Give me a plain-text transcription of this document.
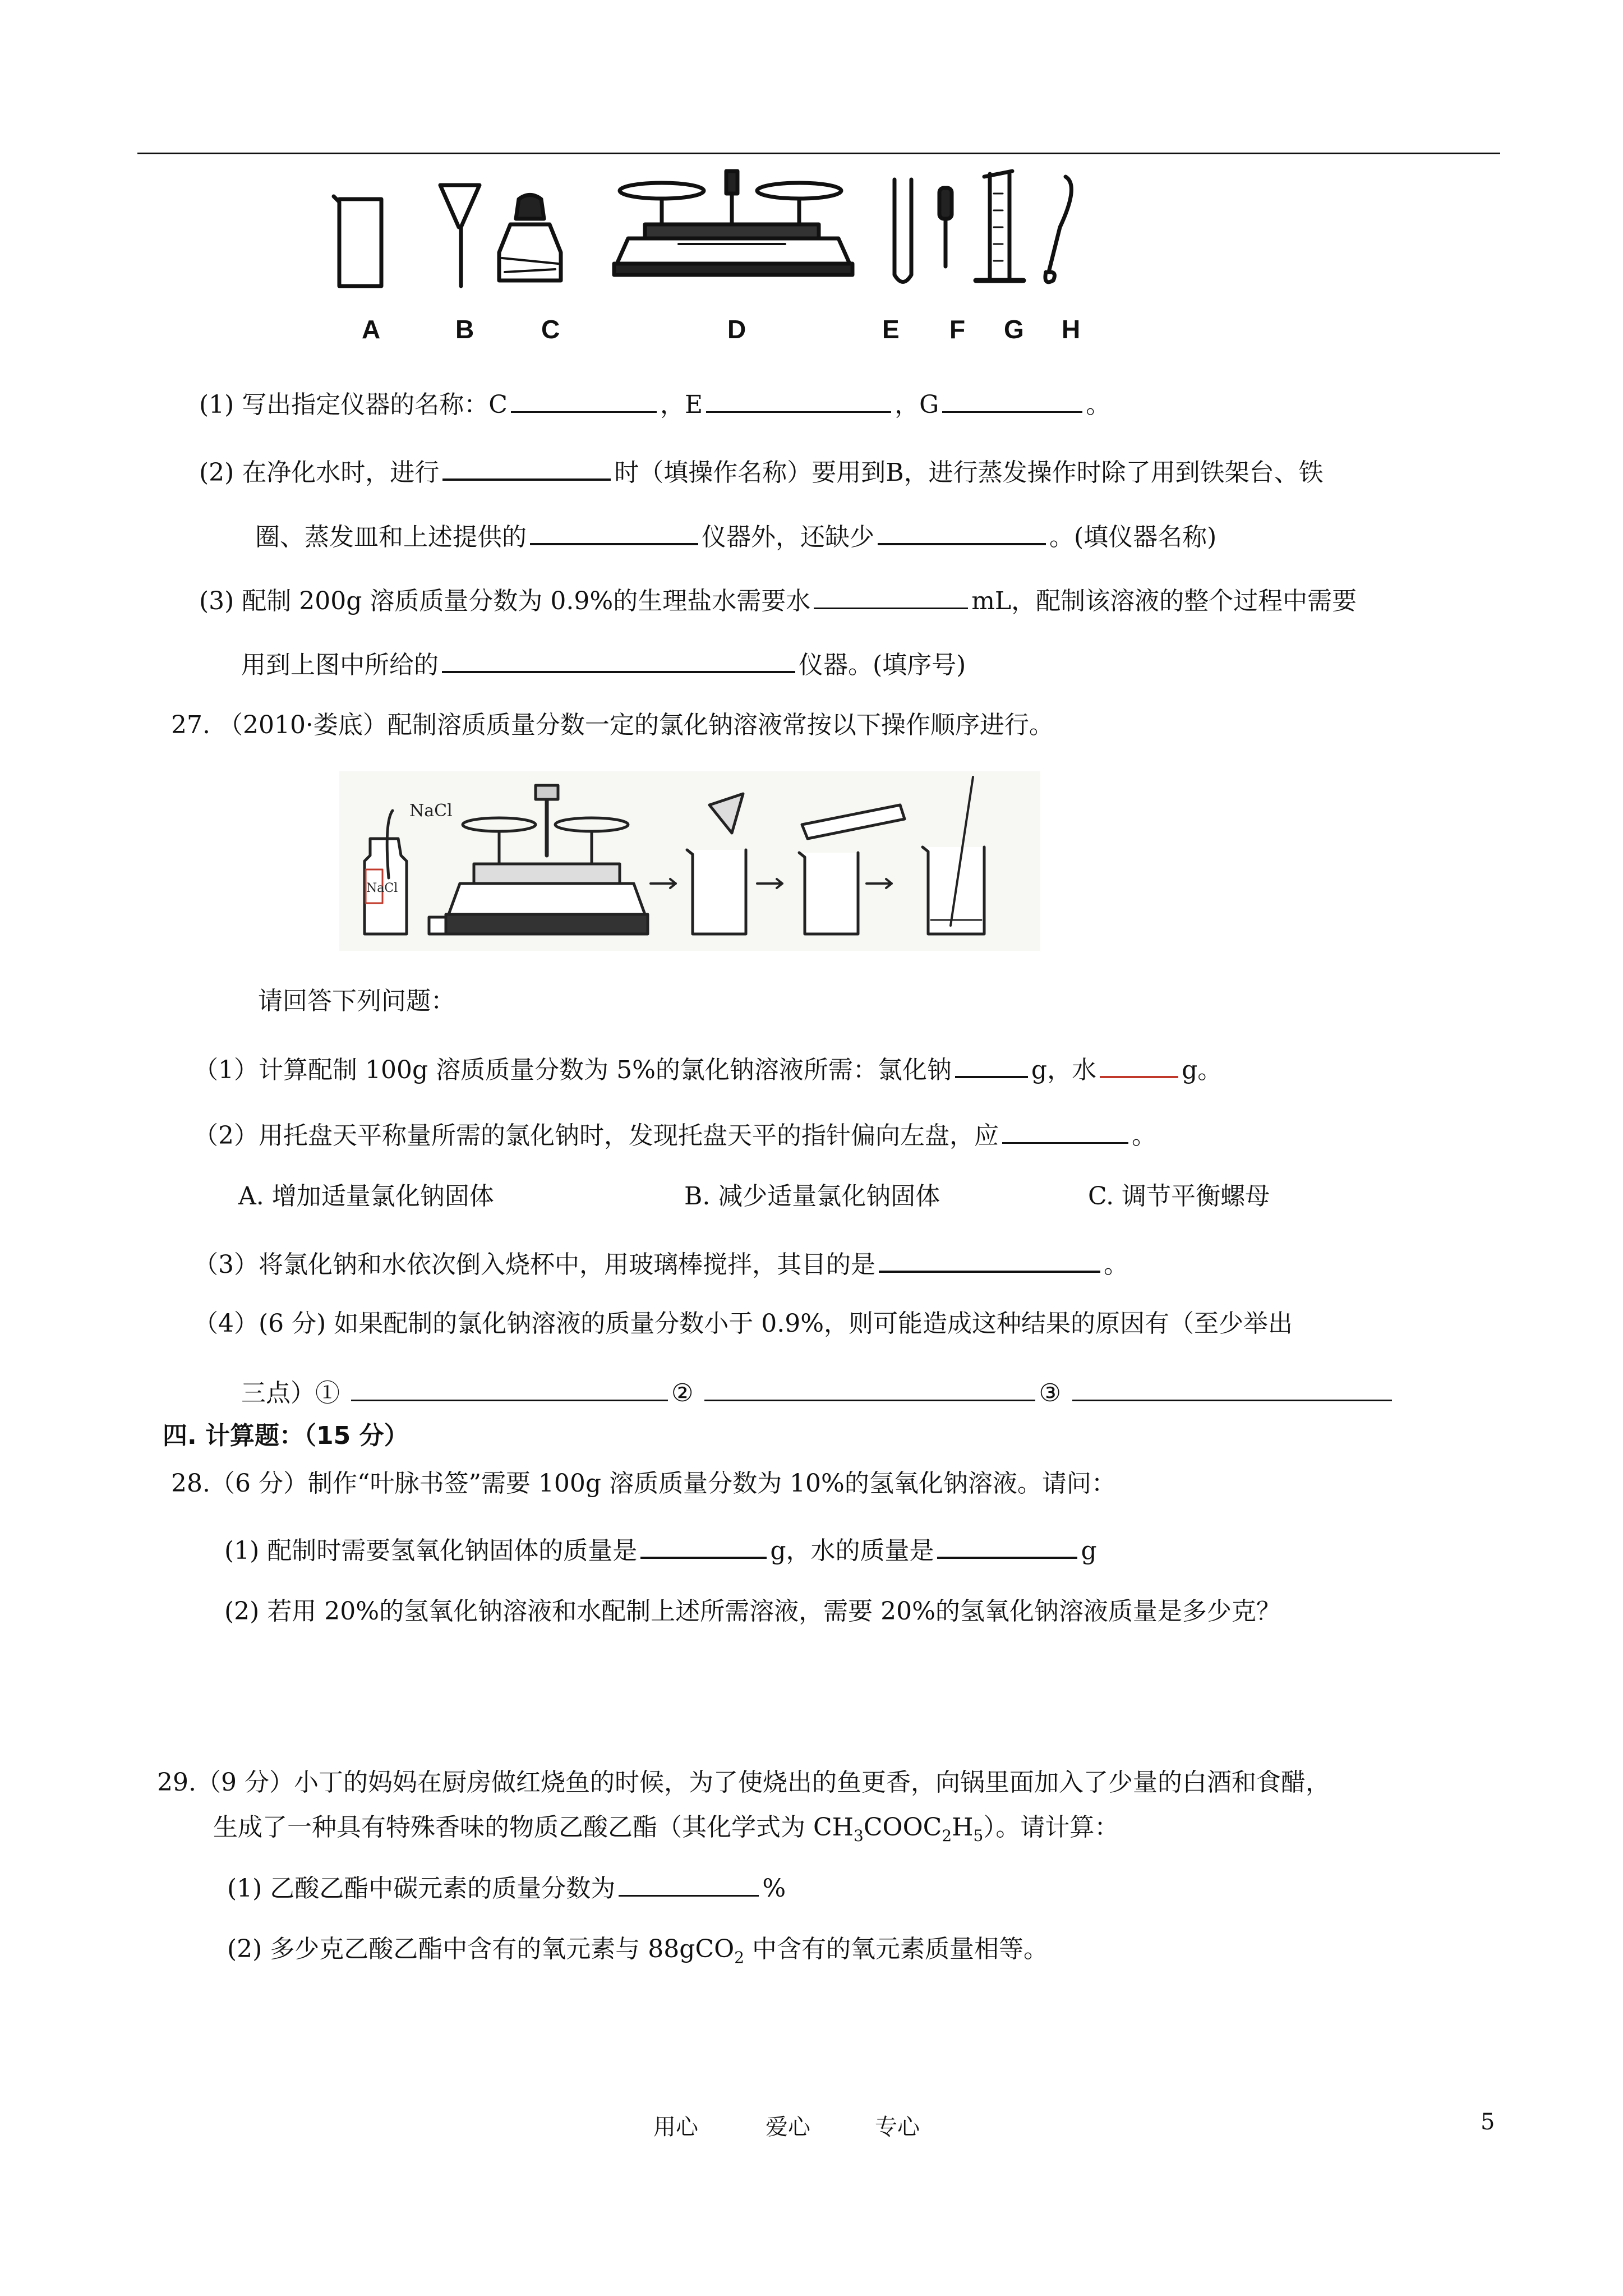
A	B	C	D	E F G H
(1) 写出指定仪器的名称：C	，E	，G	。
(2) 在净化水时，进行	时（填操作名称）要用到B，进行蒸发操作时除了用到铁架台、铁
圈、蒸发皿和上述提供的	仪器外，还缺少	。(填仪器名称)
(3) 配制 200g 溶质质量分数为 0.9%的生理盐水需要水	mL，配制该溶液的整个过程中需要
用到上图中所给的	仪器。(填序号)
27. （2010·娄底）配制溶质质量分数一定的氯化钠溶液常按以下操作顺序进行。
NaCl
NaCl
请回答下列问题：
（1）计算配制 100g 溶质质量分数为 5%的氯化钠溶液所需：氯化钠	g，水	g。
（2）用托盘天平称量所需的氯化钠时，发现托盘天平的指针偏向左盘，应	。
A. 增加适量氯化钠固体	B. 减少适量氯化钠固体	C. 调节平衡螺母
（3）将氯化钠和水依次倒入烧杯中，用玻璃棒搅拌，其目的是	。
（4）(6 分) 如果配制的氯化钠溶液的质量分数小于 0.9%，则可能造成这种结果的原因有（至少举出
三点）①	②	③
四. 计算题：（15 分）
28.（6 分）制作“叶脉书签”需要 100g 溶质质量分数为 10%的氢氧化钠溶液。请问：
(1) 配制时需要氢氧化钠固体的质量是	g，水的质量是	g
(2) 若用 20%的氢氧化钠溶液和水配制上述所需溶液，需要 20%的氢氧化钠溶液质量是多少克？
29.（9 分）小丁的妈妈在厨房做红烧鱼的时候，为了使烧出的鱼更香，向锅里面加入了少量的白酒和食醋，
生成了一种具有特殊香味的物质乙酸乙酯（其化学式为 $CH_3COOC_2H_5$）。请计算：
(1) 乙酸乙酯中碳元素的质量分数为	%
(2) 多少克乙酸乙酯中含有的氧元素与 88gCO$_2$ 中含有的氧元素质量相等。
用心	爱心	专心	5
